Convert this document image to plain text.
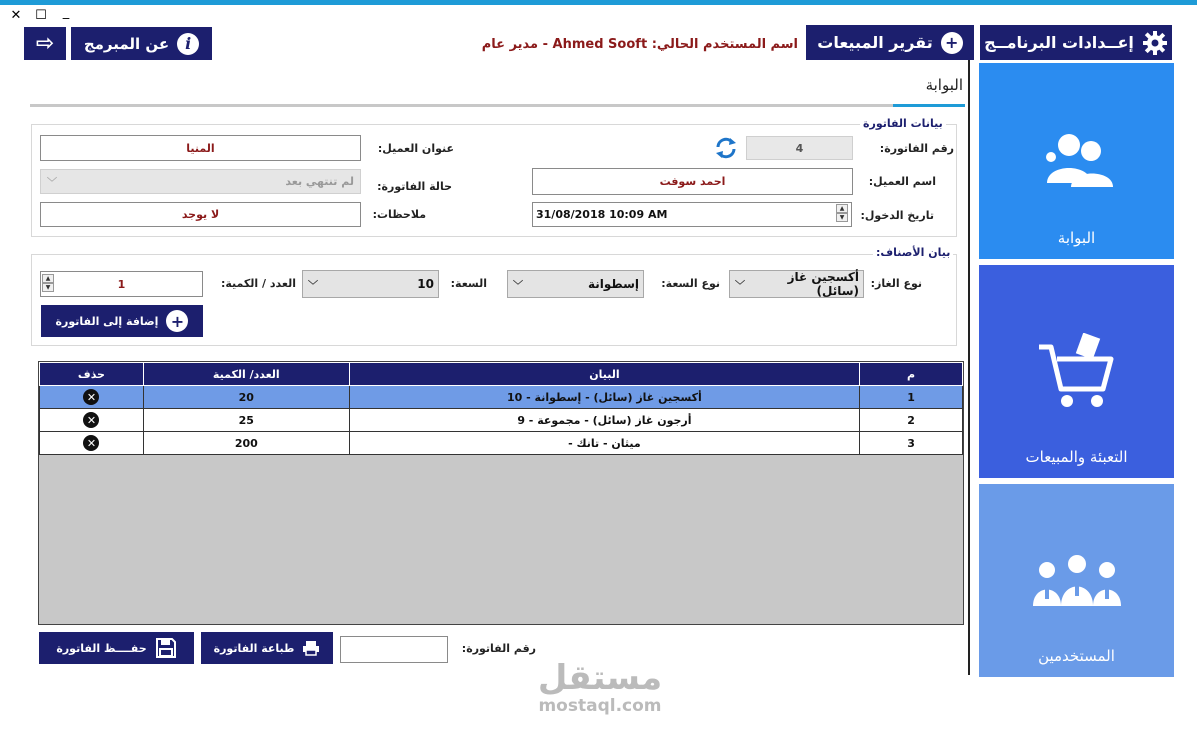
✕ ☐	_
إعــدادات البرنامــج
تقرير المبيعات +
اسم المستخدم الحالي: Ahmed Sooft - مدير عام
عن المبرمج i
⇨
البوابة
بيانات الفاتورة
رقم الفاتورة:
4
عنوان العميل:
المنيا
اسم العميل:
احمد سوفت
حالة الفاتورة:
﹀	لم تنتهي بعد
تاريخ الدخول:
31/08/2018 10:09 AM	▲
▼
ملاحظات:
لا يوجد
بيان الأصناف:
نوع الغاز:
﹀
أكسجين غاز (سائل)
نوع السعة:
﹀	إسطوانة
السعة:
﹀	10
العدد / الكمية:
1
▲
▼
إضافة إلى الفاتورة +
م	البيان	العدد/ الكمية	حذف
1	أكسجين غاز (سائل) - إسطوانة - 10	20	✕
2	أرجون غاز (سائل) - مجموعة - 9	25	✕
3	ميثان - تانك -	200	✕
رقم الفاتورة:
طباعة الفاتورة
حفــــظ الفاتورة
البوابة
التعبئة والمبيعات
المستخدمين
مستقل
mostaql.com
